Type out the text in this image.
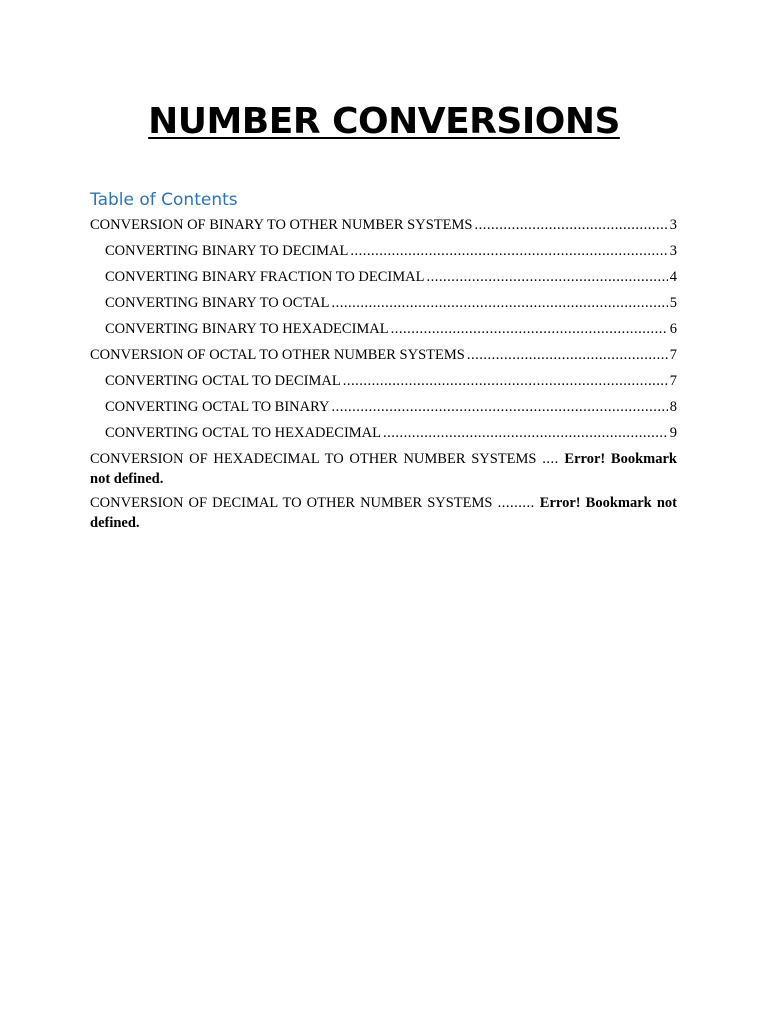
NUMBER CONVERSIONS
Table of Contents
CONVERSION OF BINARY TO OTHER NUMBER SYSTEMS .....	3
CONVERTING BINARY TO DECIMAL .....	3
CONVERTING BINARY FRACTION TO DECIMAL .....	4
CONVERTING BINARY TO OCTAL .....	5
CONVERTING BINARY TO HEXADECIMAL .....	6
CONVERSION OF OCTAL TO OTHER NUMBER SYSTEMS .....	7
CONVERTING OCTAL TO DECIMAL .....	7
CONVERTING OCTAL TO BINARY .....	8
CONVERTING OCTAL TO HEXADECIMAL .....	9
CONVERSION OF HEXADECIMAL TO OTHER NUMBER SYSTEMS .... Error! Bookmark not defined.
CONVERSION OF DECIMAL TO OTHER NUMBER SYSTEMS ......... Error! Bookmark not defined.
